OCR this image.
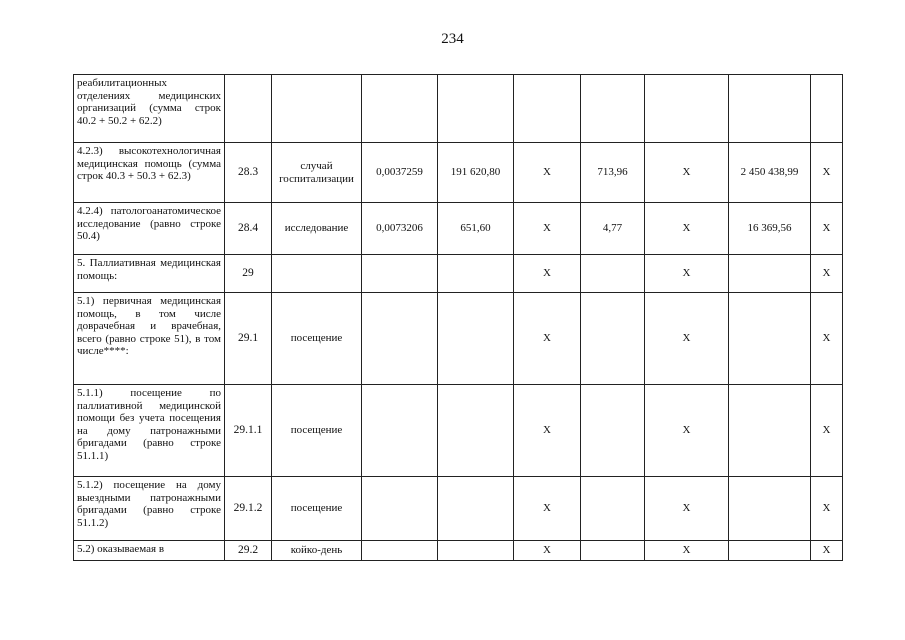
234
реабилитационных отделениях медицинских организаций (сумма строк 40.2 + 50.2 + 62.2)									
4.2.3) высокотехнологичная медицинская помощь (сумма строк 40.3 + 50.3 + 62.3)	28.3	случай госпитализации	0,0037259	191 620,80	X	713,96	X	2 450 438,99	X
4.2.4) патологоанатомическое исследование (равно строке 50.4)	28.4	исследование	0,0073206	651,60	X	4,77	X	16 369,56	X
5. Паллиативная медицинская помощь:	29				X		X		X
5.1) первичная медицинская помощь, в том числе доврачебная и врачебная, всего (равно строке 51), в том числе****:	29.1	посещение			X		X		X
5.1.1) посещение по паллиативной медицинской помощи без учета посещения на дому патронажными бригадами (равно строке 51.1.1)	29.1.1	посещение			X		X		X
5.1.2) посещение на дому выездными патронажными бригадами (равно строке 51.1.2)	29.1.2	посещение			X		X		X
5.2) оказываемая в	29.2	койко-день			X		X		X
